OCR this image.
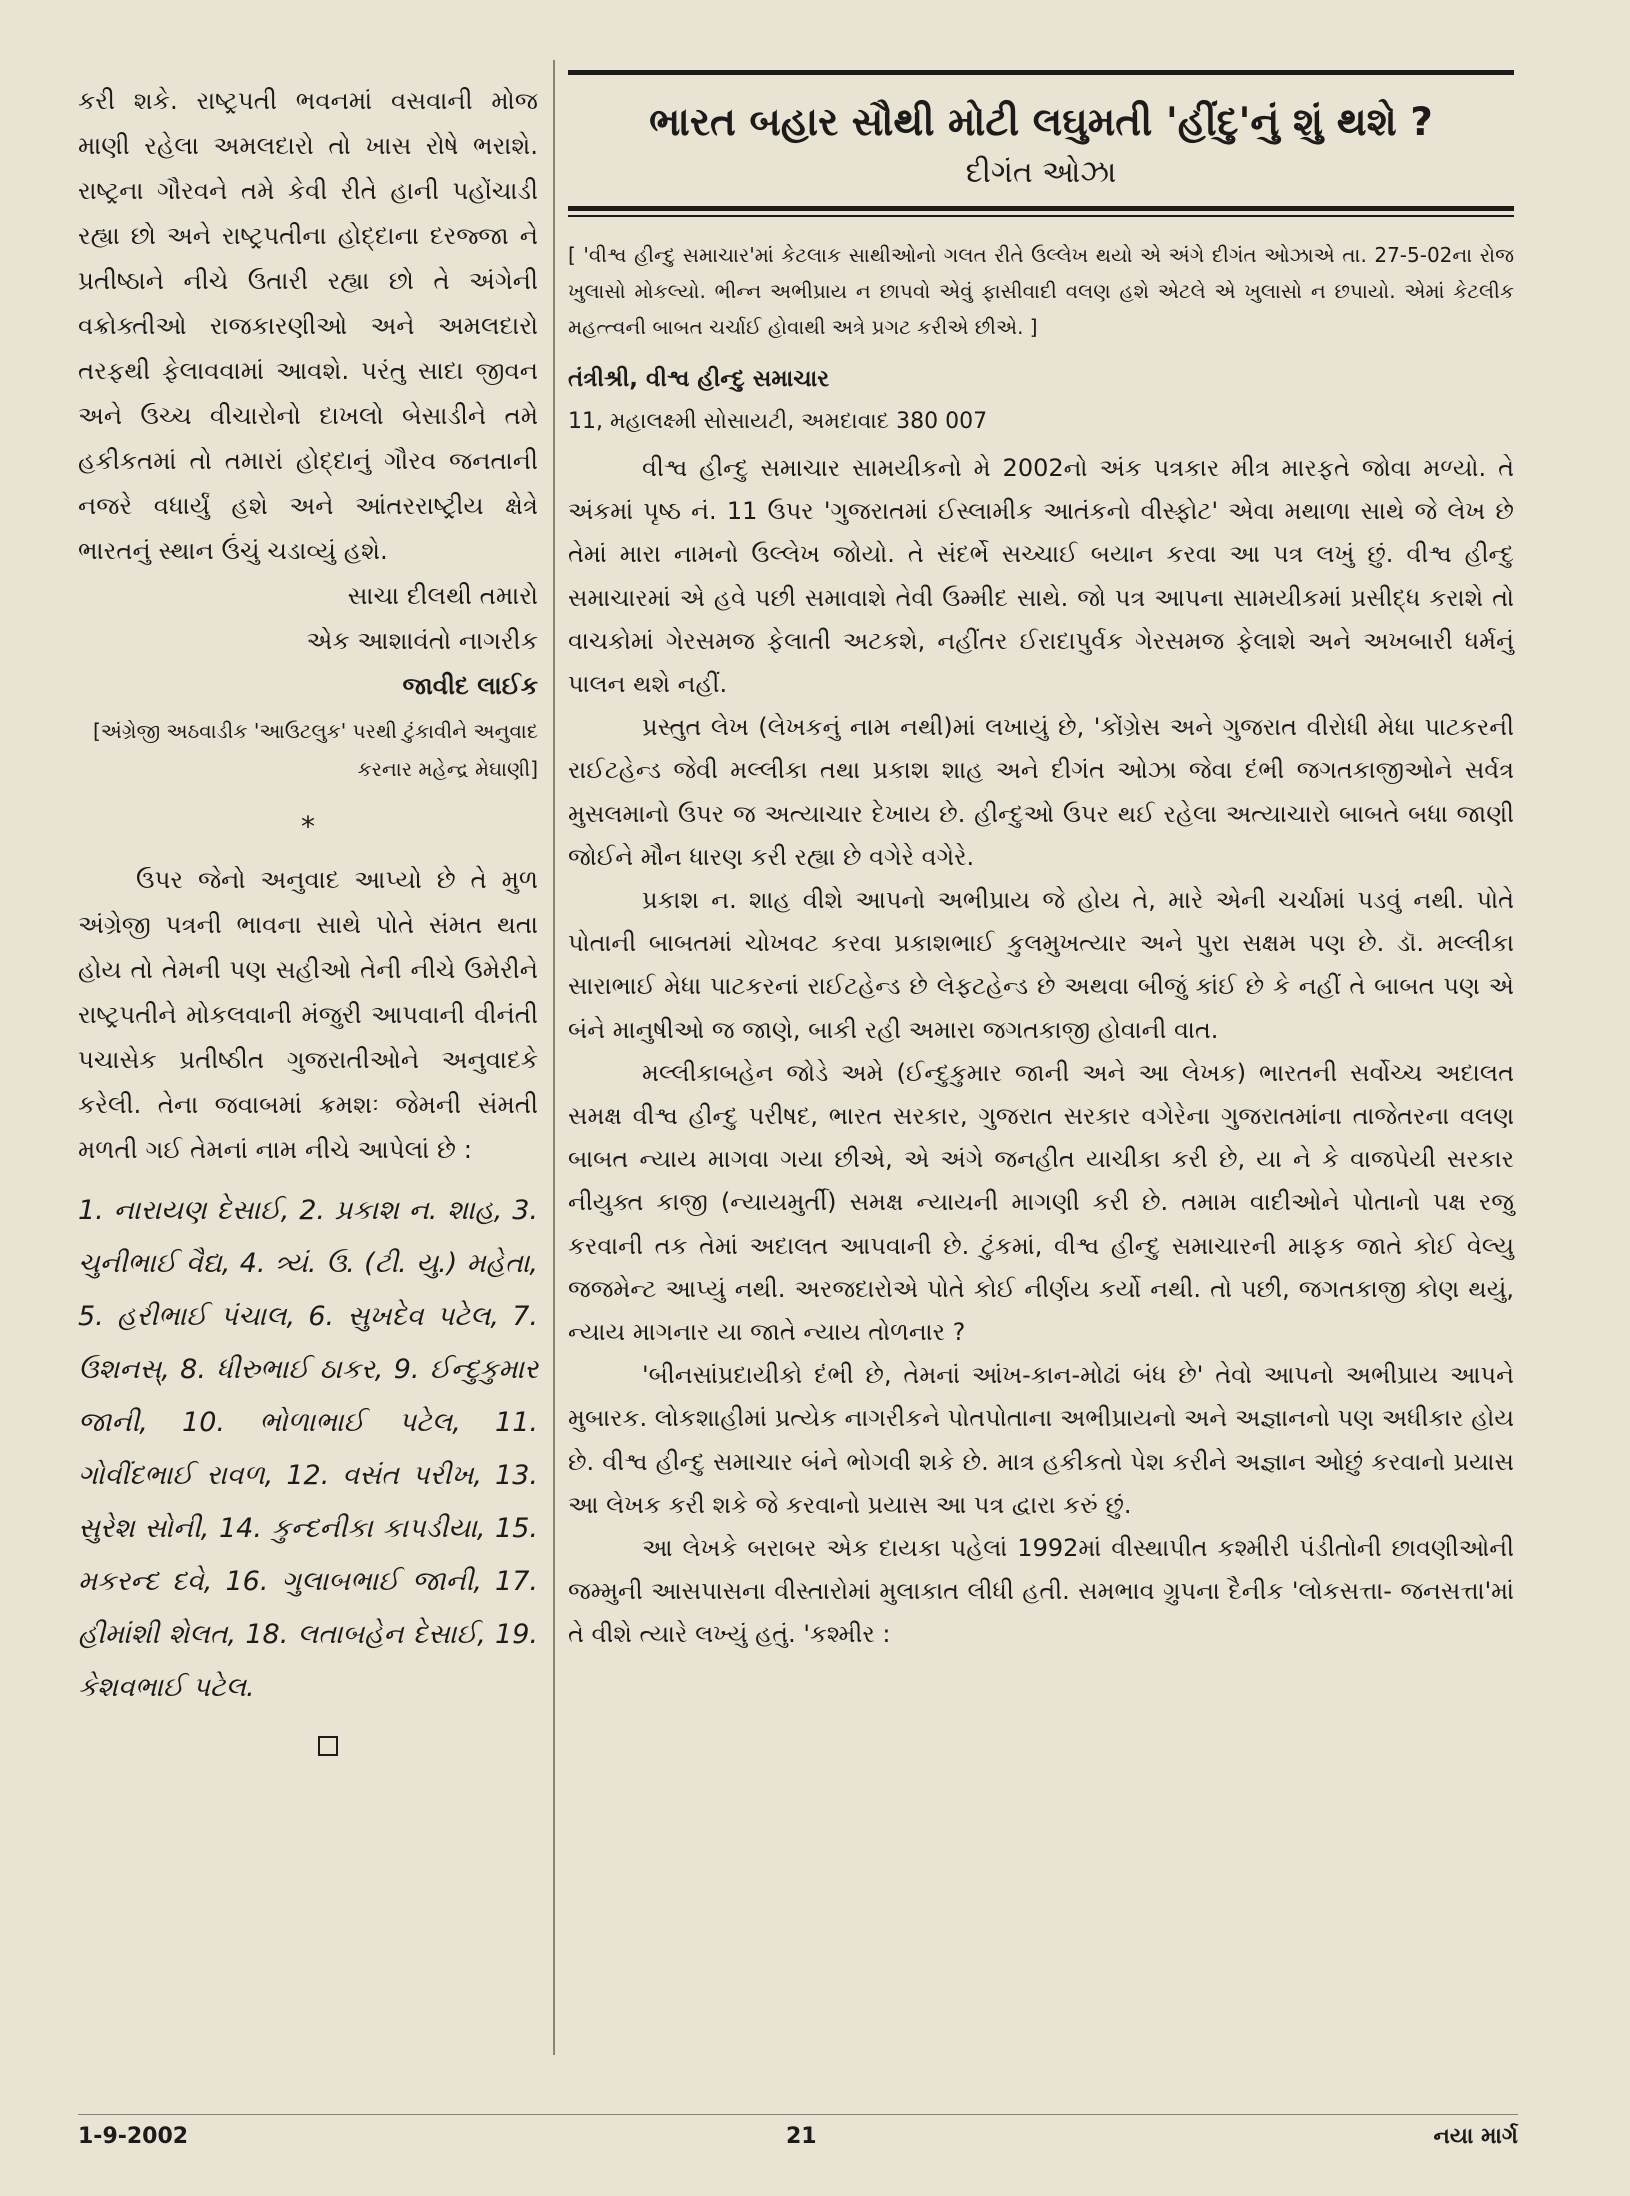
કરી શકે. રાષ્ટ્રપતી ભવનમાં વસવાની મોજ માણી રહેલા અમલદારો તો ખાસ રોષે ભરાશે. રાષ્ટ્રના ગૌરવને તમે કેવી રીતે હાની પહોંચાડી રહ્યા છો અને રાષ્ટ્રપતીના હોદ્દાના દરજ્જા ને પ્રતીષ્ઠાને નીચે ઉતારી રહ્યા છો તે અંગેની વક્રોક્તીઓ રાજકારણીઓ અને અમલદારો તરફથી ફેલાવવામાં આવશે. પરંતુ સાદા જીવન અને ઉચ્ચ વીચારોનો દાખલો બેસાડીને તમે હકીકતમાં તો તમારાં હોદ્દાનું ગૌરવ જનતાની નજરે વધાર્યું હશે અને આંતરરાષ્ટ્રીય ક્ષેત્રે ભારતનું સ્થાન ઉંચું ચડાવ્યું હશે.

સાચા દીલથી તમારો

એક આશાવંતો નાગરીક

જાવીદ લાઈક

[અંગ્રેજી અઠવાડીક 'આઉટલુક' પરથી ટુંકાવીને અનુવાદ કરનાર મહેન્દ્ર મેઘાણી]

*

ઉપર જેનો અનુવાદ આપ્યો છે તે મુળ અંગ્રેજી પત્રની ભાવના સાથે પોતે સંમત થતા હોય તો તેમની પણ સહીઓ તેની નીચે ઉમેરીને રાષ્ટ્રપતીને મોકલવાની મંજુરી આપવાની વીનંતી પચાસેક પ્રતીષ્ઠીત ગુજરાતીઓને અનુવાદકે કરેલી. તેના જવાબમાં ક્રમશઃ જેમની સંમતી મળતી ગઈ તેમનાં નામ નીચે આપેલાં છે :

1. નારાયણ દેસાઈ, 2. પ્રકાશ ન. શાહ, 3. ચુનીભાઈ વૈદ્ય, 4. ત્ર્યં. ઉ. (ટી. યુ.) મહેતા, 5. હરીભાઈ પંચાલ, 6. સુખદેવ પટેલ, 7. ઉશનસ્, 8. ધીરુભાઈ ઠાકર, 9. ઈન્દુકુમાર જાની, 10. ભોળાભાઈ પટેલ, 11. ગોવીંદભાઈ રાવળ, 12. વસંત પરીખ, 13. સુરેશ સોની, 14. કુન્દનીકા કાપડીયા, 15. મકરન્દ દવે, 16. ગુલાબભાઈ જાની, 17. હીમાંશી શેલત, 18. લતાબહેન દેસાઈ, 19. કેશવભાઈ પટેલ.

ભારત બહાર સૌથી મોટી લઘુમતી 'હીંદુ'નું શું થશે ?
દીગંત ઓઝા
[ 'વીશ્વ હીન્દુ સમાચાર'માં કેટલાક સાથીઓનો ગલત રીતે ઉલ્લેખ થયો એ અંગે દીગંત ઓઝાએ તા. 27-5-02ના રોજ ખુલાસો મોકલ્યો. ભીન્ન અભીપ્રાય ન છાપવો એવું ફાસીવાદી વલણ હશે એટલે એ ખુલાસો ન છપાયો. એમાં કેટલીક મહત્ત્વની બાબત ચર્ચાઈ હોવાથી અત્રે પ્રગટ કરીએ છીએ. ]
તંત્રીશ્રી, વીશ્વ હીન્દુ સમાચાર
11, મહાલક્ષ્મી સોસાયટી, અમદાવાદ 380 007

વીશ્વ હીન્દુ સમાચાર સામયીકનો મે 2002નો અંક પત્રકાર મીત્ર મારફતે જોવા મળ્યો. તે અંકમાં પૃષ્ઠ નં. 11 ઉપર 'ગુજરાતમાં ઈસ્લામીક આતંકનો વીસ્ફોટ' એવા મથાળા સાથે જે લેખ છે તેમાં મારા નામનો ઉલ્લેખ જોયો. તે સંદર્ભે સચ્ચાઈ બયાન કરવા આ પત્ર લખું છું. વીશ્વ હીન્દુ સમાચારમાં એ હવે પછી સમાવાશે તેવી ઉમ્મીદ સાથે. જો પત્ર આપના સામયીકમાં પ્રસીદ્ધ કરાશે તો વાચકોમાં ગેરસમજ ફેલાતી અટકશે, નહીંતર ઈરાદાપુર્વક ગેરસમજ ફેલાશે અને અખબારી ધર્મનું પાલન થશે નહીં.

પ્રસ્તુત લેખ (લેખકનું નામ નથી)માં લખાયું છે, 'કોંગ્રેસ અને ગુજરાત વીરોધી મેધા પાટકરની રાઈટહેન્ડ જેવી મલ્લીકા તથા પ્રકાશ શાહ અને દીગંત ઓઝા જેવા દંભી જગતકાજીઓને સર્વત્ર મુસલમાનો ઉપર જ અત્યાચાર દેખાય છે. હીન્દુઓ ઉપર થઈ રહેલા અત્યાચારો બાબતે બધા જાણી જોઈને મૌન ધારણ કરી રહ્યા છે વગેરે વગેરે.

પ્રકાશ ન. શાહ વીશે આપનો અભીપ્રાય જે હોય તે, મારે એની ચર્ચામાં પડવું નથી. પોતે પોતાની બાબતમાં ચોખવટ કરવા પ્રકાશભાઈ કુલમુખત્યાર અને પુરા સક્ષમ પણ છે. ડૉ. મલ્લીકા સારાભાઈ મેધા પાટકરનાં રાઈટહેન્ડ છે લેફટહેન્ડ છે અથવા બીજું કાંઈ છે કે નહીં તે બાબત પણ એ બંને માનુષીઓ જ જાણે, બાકી રહી અમારા જગતકાજી હોવાની વાત.

મલ્લીકાબહેન જોડે અમે (ઈન્દુકુમાર જાની અને આ લેખક) ભારતની સર્વોચ્ચ અદાલત સમક્ષ વીશ્વ હીન્દુ પરીષદ, ભારત સરકાર, ગુજરાત સરકાર વગેરેના ગુજરાતમાંના તાજેતરના વલણ બાબત ન્યાય માગવા ગયા છીએ, એ અંગે જનહીત યાચીકા કરી છે, યા ને કે વાજપેયી સરકાર નીયુક્ત કાજી (ન્યાયમુર્તી) સમક્ષ ન્યાયની માગણી કરી છે. તમામ વાદીઓને પોતાનો પક્ષ રજુ કરવાની તક તેમાં અદાલત આપવાની છે. ટુંકમાં, વીશ્વ હીન્દુ સમાચારની માફક જાતે કોઈ વેલ્યુ જજમેન્ટ આપ્યું નથી. અરજદારોએ પોતે કોઈ નીર્ણય કર્યો નથી. તો પછી, જગતકાજી કોણ થયું, ન્યાય માગનાર યા જાતે ન્યાય તોળનાર ?

'બીનસાંપ્રદાયીકો દંભી છે, તેમનાં આંખ-કાન-મોઢાં બંધ છે' તેવો આપનો અભીપ્રાય આપને મુબારક. લોકશાહીમાં પ્રત્યેક નાગરીકને પોતપોતાના અભીપ્રાયનો અને અજ્ઞાનનો પણ અધીકાર હોય છે. વીશ્વ હીન્દુ સમાચાર બંને ભોગવી શકે છે. માત્ર હકીકતો પેશ કરીને અજ્ઞાન ઓછું કરવાનો પ્રયાસ આ લેખક કરી શકે જે કરવાનો પ્રયાસ આ પત્ર દ્વારા કરું છું.

આ લેખકે બરાબર એક દાયકા પહેલાં 1992માં વીસ્થાપીત કશ્મીરી પંડીતોની છાવણીઓની જમ્મુની આસપાસના વીસ્તારોમાં મુલાકાત લીધી હતી. સમભાવ ગ્રુપના દૈનીક 'લોકસત્તા- જનસત્તા'માં તે વીશે ત્યારે લખ્યું હતું. 'કશ્મીર :

1-9-2002	21	નયા માર્ગ
